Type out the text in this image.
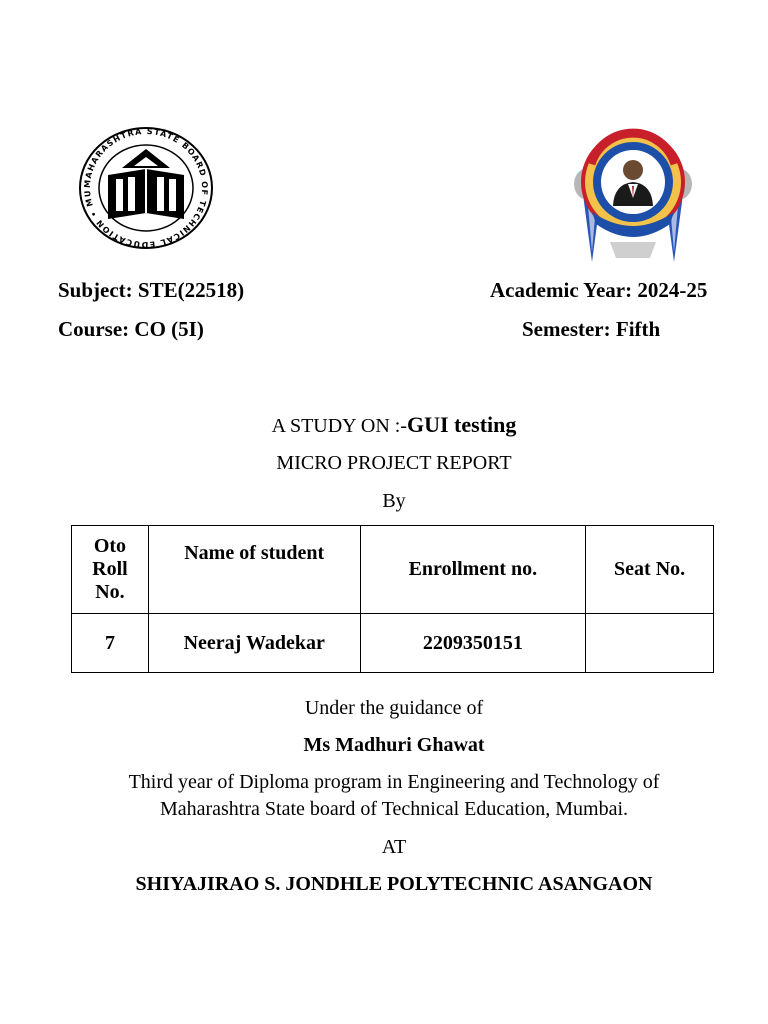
MAHARASHTRA STATE BOARD OF TECHNICAL EDUCATION • MU
Subject: STE(22518)	Academic Year: 2024-25
Course: CO (5I)	Semester: Fifth
A STUDY ON :-GUI testing
MICRO PROJECT REPORT
By
Oto
Roll
No.	Name of student	Enrollment no.	Seat No.
7	Neeraj Wadekar	2209350151	
Under the guidance of
Ms Madhuri Ghawat
Third year of Diploma program in Engineering and Technology of
Maharashtra State board of Technical Education, Mumbai.
AT
SHIYAJIRAO S. JONDHLE POLYTECHNIC ASANGAON
